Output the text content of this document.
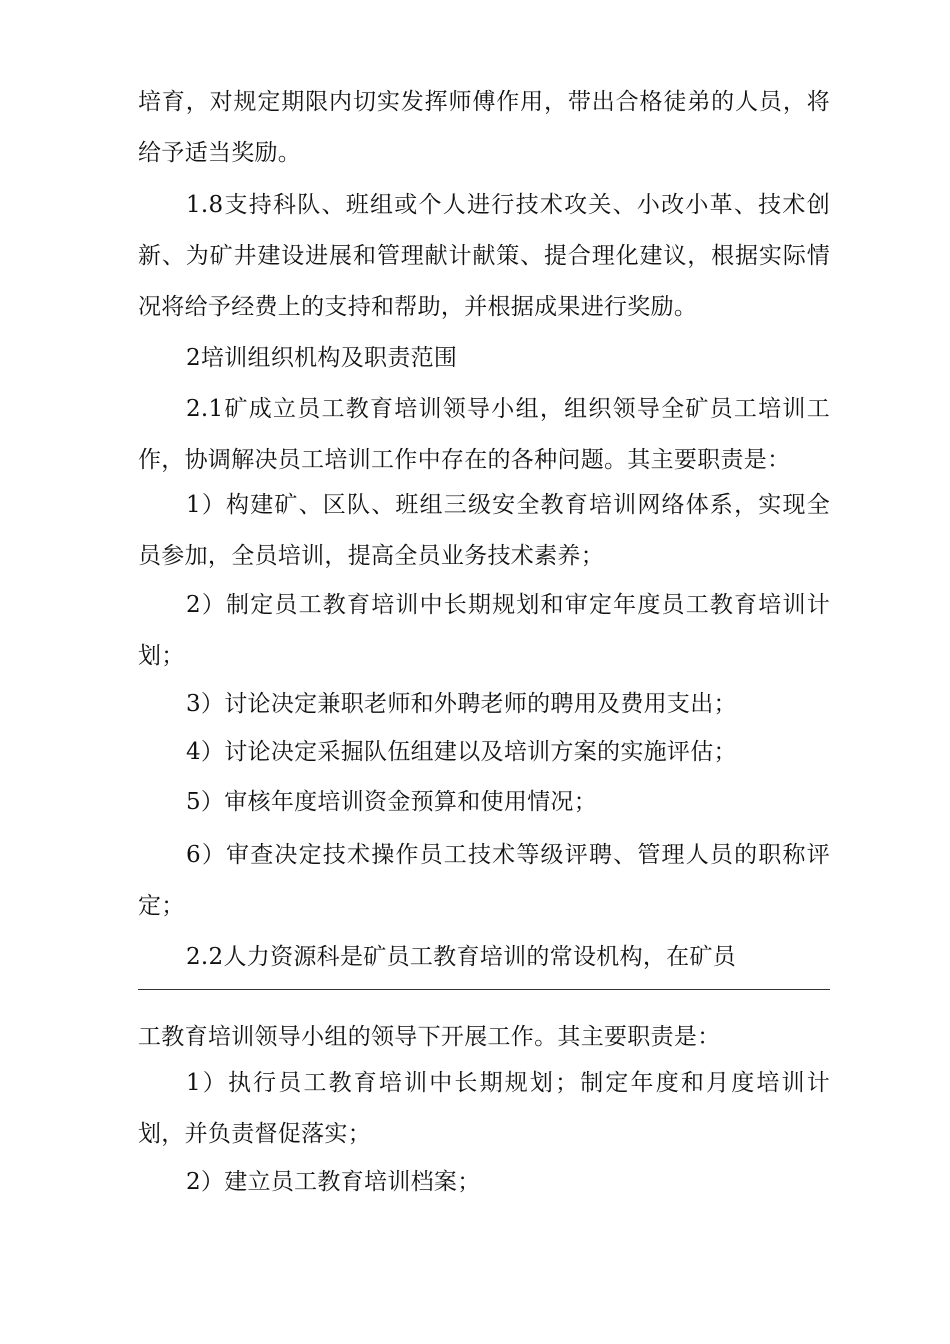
培育，对规定期限内切实发挥师傅作用，带出合格徒弟的人员，将给予适当奖励。

1.8支持科队、班组或个人进行技术攻关、小改小革、技术创新、为矿井建设进展和管理献计献策、提合理化建议，根据实际情况将给予经费上的支持和帮助，并根据成果进行奖励。

2培训组织机构及职责范围

2.1矿成立员工教育培训领导小组，组织领导全矿员工培训工作，协调解决员工培训工作中存在的各种问题。其主要职责是：

1）构建矿、区队、班组三级安全教育培训网络体系，实现全员参加，全员培训，提高全员业务技术素养；

2）制定员工教育培训中长期规划和审定年度员工教育培训计划；

3）讨论决定兼职老师和外聘老师的聘用及费用支出；

4）讨论决定采掘队伍组建以及培训方案的实施评估；

5）审核年度培训资金预算和使用情况；

6）审查决定技术操作员工技术等级评聘、管理人员的职称评定；

2.2人力资源科是矿员工教育培训的常设机构，在矿员

工教育培训领导小组的领导下开展工作。其主要职责是：

1）执行员工教育培训中长期规划；制定年度和月度培训计划，并负责督促落实；

2）建立员工教育培训档案；
